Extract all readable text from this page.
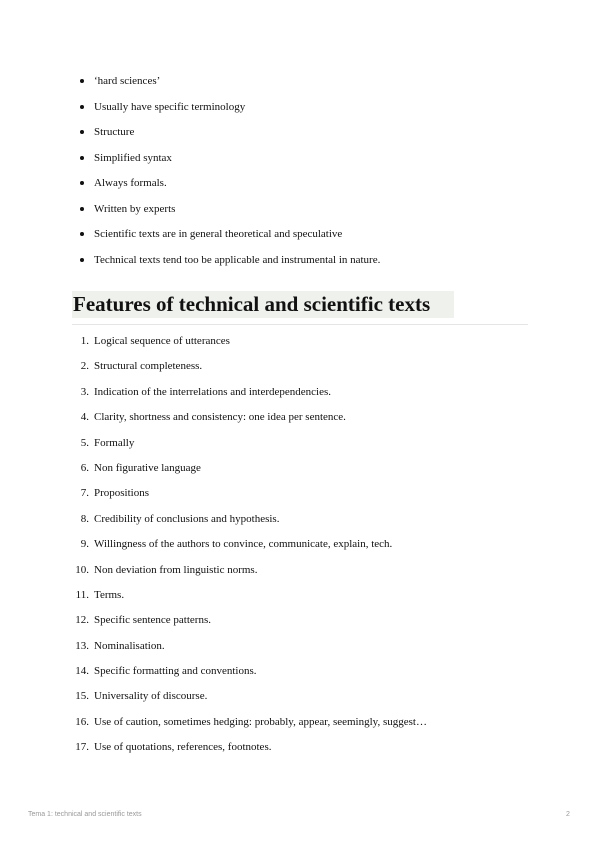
‘hard sciences’
Usually have specific terminology
Structure
Simplified syntax
Always formals.
Written by experts
Scientific texts are in general theoretical and speculative
Technical texts tend too be applicable and instrumental in nature.
Features of technical and scientific texts
1. Logical sequence of utterances
2. Structural completeness.
3. Indication of the interrelations and interdependencies.
4. Clarity, shortness and consistency: one idea per sentence.
5. Formally
6. Non figurative language
7. Propositions
8. Credibility of conclusions and hypothesis.
9. Willingness of the authors to convince, communicate, explain, tech.
10. Non deviation from linguistic norms.
11. Terms.
12. Specific sentence patterns.
13. Nominalisation.
14. Specific formatting and conventions.
15. Universality of discourse.
16. Use of caution, sometimes hedging: probably, appear, seemingly, suggest…
17. Use of quotations, references, footnotes.
Tema 1: technical and scientific texts	2
